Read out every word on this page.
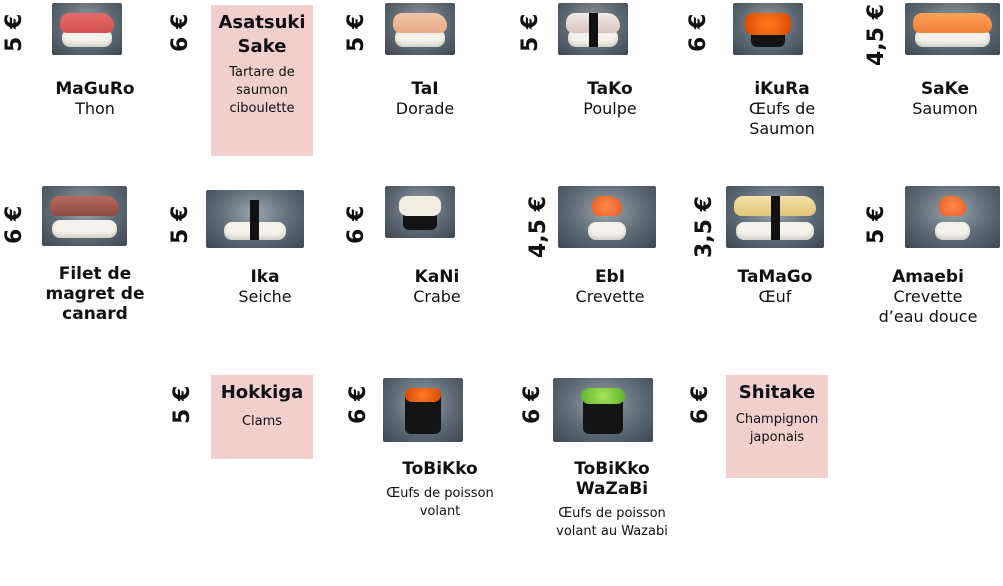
5 €
MaGuRo
Thon
6 € Asatsuki Sake
Tartare de saumon ciboulette
5 €
TaI
Dorade
5 €
TaKo
Poulpe
6 €
iKuRa
Œufs de Saumon
4,5 €
SaKe
Saumon
6 €
Filet de magret de canard
5 €
Ika
Seiche
6 €
KaNi
Crabe
4,5 €
EbI
Crevette
3,5 €
TaMaGo
Œuf
5 €
Amaebi
Crevette d’eau douce
5 €	Hokkiga
Clams	6 €
ToBiKko
Œufs de poisson volant
6 €
ToBiKko WaZaBi
Œufs de poisson volant au Wazabi
6 €	Shitake
Champignon japonais
